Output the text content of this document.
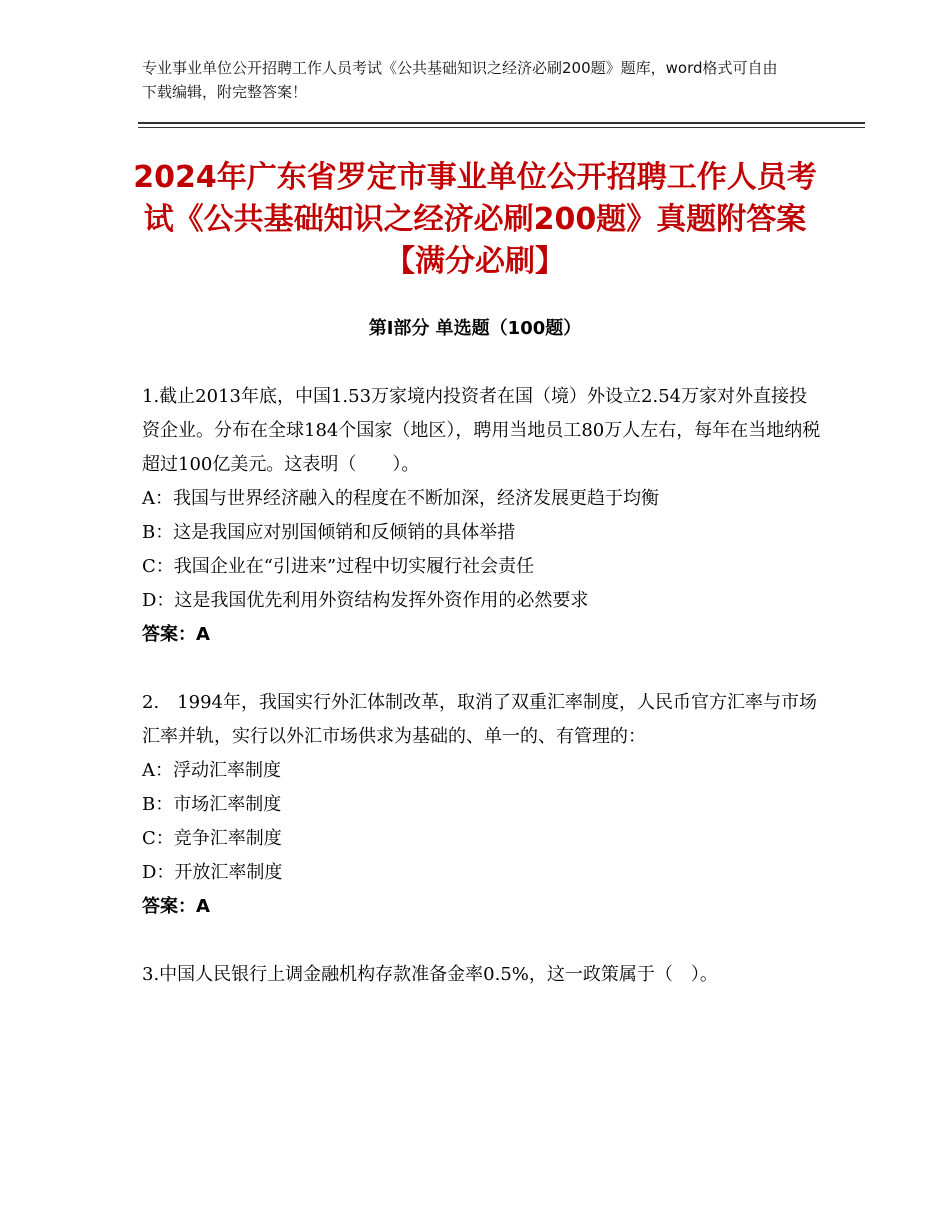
专业事业单位公开招聘工作人员考试《公共基础知识之经济必刷200题》题库，word格式可自由下载编辑，附完整答案！
2024年广东省罗定市事业单位公开招聘工作人员考试《公共基础知识之经济必刷200题》真题附答案【满分必刷】
第Ⅰ部分 单选题（100题）

1.截止2013年底，中国1.53万家境内投资者在国（境）外设立2.54万家对外直接投资企业。分布在全球184个国家（地区），聘用当地员工80万人左右，每年在当地纳税超过100亿美元。这表明（　　）。

A：我国与世界经济融入的程度在不断加深，经济发展更趋于均衡
B：这是我国应对别国倾销和反倾销的具体举措
C：我国企业在“引进来”过程中切实履行社会责任
D：这是我国优先利用外资结构发挥外资作用的必然要求
答案：A

2.　1994年，我国实行外汇体制改革，取消了双重汇率制度，人民币官方汇率与市场汇率并轨，实行以外汇市场供求为基础的、单一的、有管理的：

A：浮动汇率制度
B：市场汇率制度
C：竞争汇率制度
D：开放汇率制度
答案：A

3.中国人民银行上调金融机构存款准备金率0.5%，这一政策属于（　）。
